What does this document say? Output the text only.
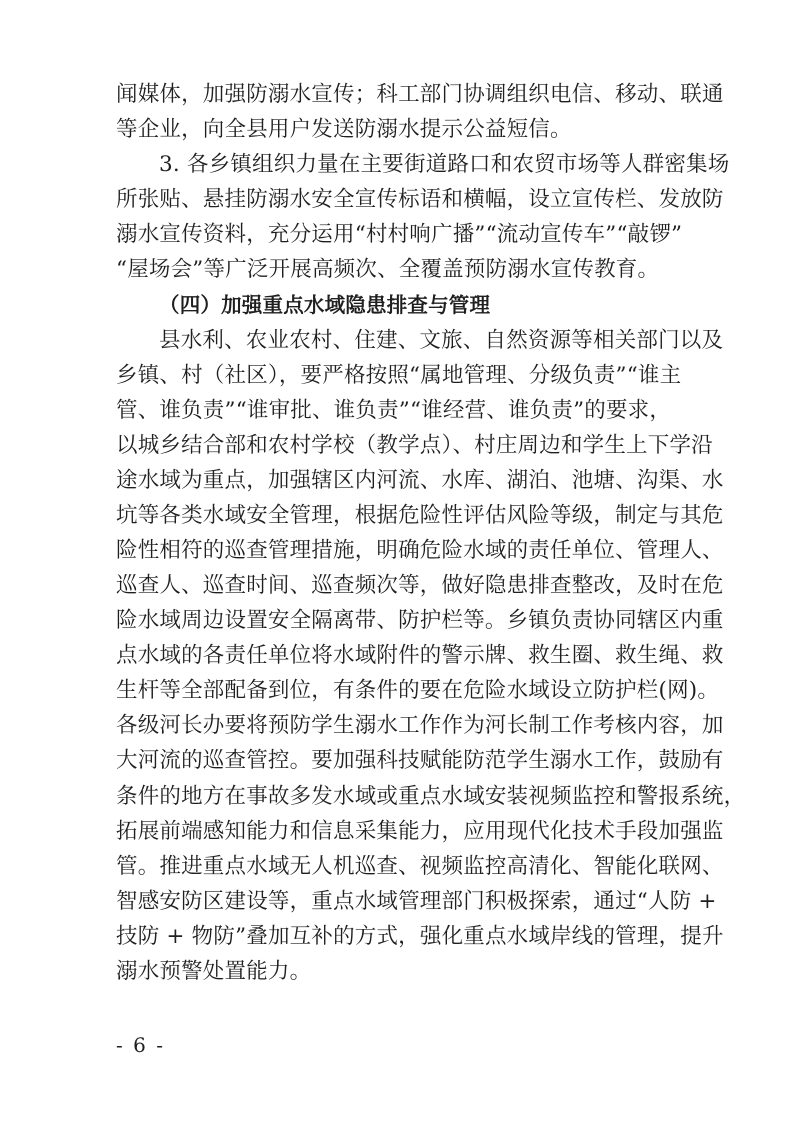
闻媒体，加强防溺水宣传；科工部门协调组织电信、移动、联通
等企业，向全县用户发送防溺水提示公益短信。
3. 各乡镇组织力量在主要街道路口和农贸市场等人群密集场
所张贴、悬挂防溺水安全宣传标语和横幅，设立宣传栏、发放防
溺水宣传资料，充分运用“村村响广播”“流动宣传车”“敲锣”
“屋场会”等广泛开展高频次、全覆盖预防溺水宣传教育。
（四）加强重点水域隐患排查与管理
县水利、农业农村、住建、文旅、自然资源等相关部门以及
乡镇、村（社区），要严格按照“属地管理、分级负责”“谁主
管、谁负责”“谁审批、谁负责”“谁经营、谁负责”的要求，
以城乡结合部和农村学校（教学点）、村庄周边和学生上下学沿
途水域为重点，加强辖区内河流、水库、湖泊、池塘、沟渠、水
坑等各类水域安全管理，根据危险性评估风险等级，制定与其危
险性相符的巡查管理措施，明确危险水域的责任单位、管理人、
巡查人、巡查时间、巡查频次等，做好隐患排查整改，及时在危
险水域周边设置安全隔离带、防护栏等。乡镇负责协同辖区内重
点水域的各责任单位将水域附件的警示牌、救生圈、救生绳、救
生杆等全部配备到位，有条件的要在危险水域设立防护栏(网)。
各级河长办要将预防学生溺水工作作为河长制工作考核内容，加
大河流的巡查管控。要加强科技赋能防范学生溺水工作，鼓励有
条件的地方在事故多发水域或重点水域安装视频监控和警报系统，
拓展前端感知能力和信息采集能力，应用现代化技术手段加强监
管。推进重点水域无人机巡查、视频监控高清化、智能化联网、
智感安防区建设等，重点水域管理部门积极探索，通过“人防 +
技防 + 物防”叠加互补的方式，强化重点水域岸线的管理，提升
溺水预警处置能力。
- 6 -
